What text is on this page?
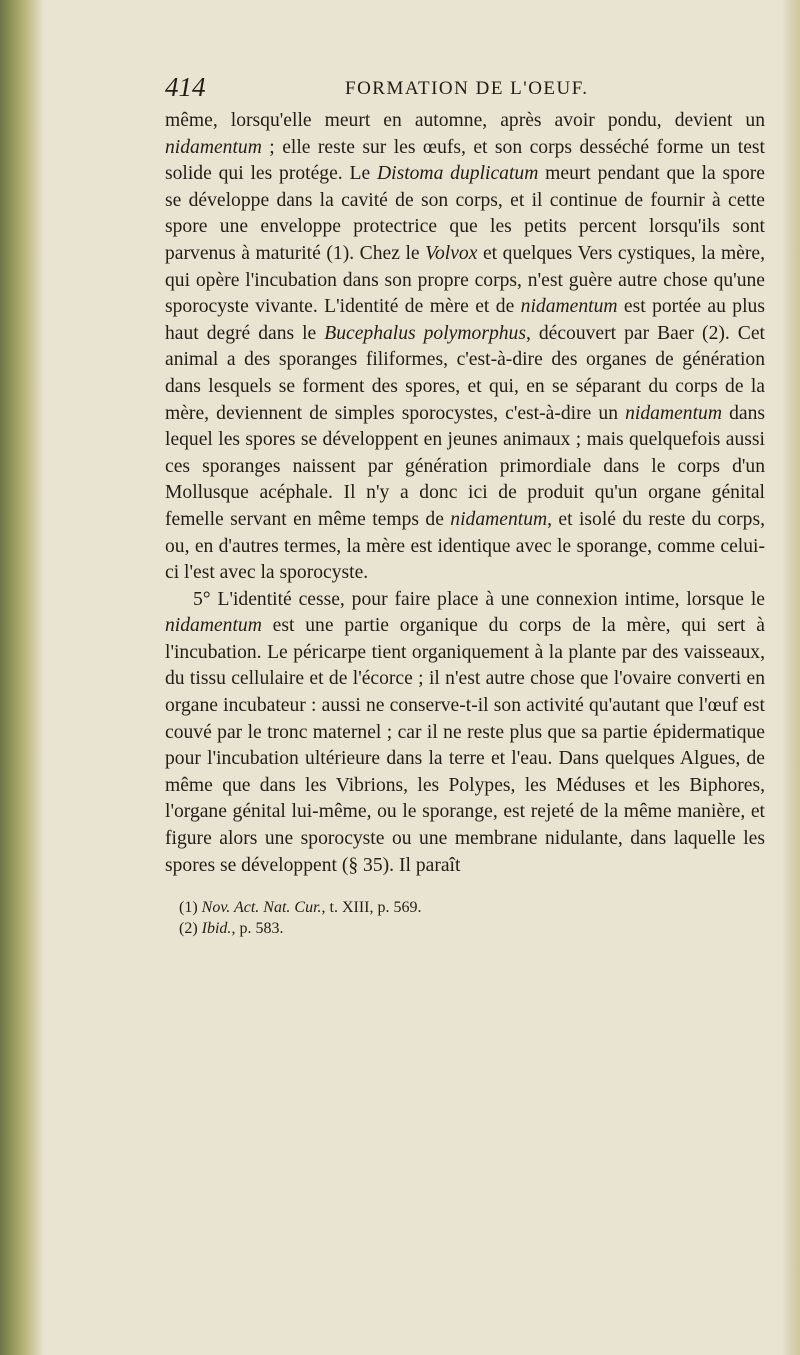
414	FORMATION DE L'OEUF.

même, lorsqu'elle meurt en automne, après avoir pondu, devient un nidamentum ; elle reste sur les œufs, et son corps desséché forme un test solide qui les protége. Le Distoma duplicatum meurt pendant que la spore se développe dans la cavité de son corps, et il continue de fournir à cette spore une enveloppe protectrice que les petits percent lorsqu'ils sont parvenus à maturité (1). Chez le Volvox et quelques Vers cystiques, la mère, qui opère l'incubation dans son propre corps, n'est guère autre chose qu'une sporocyste vivante. L'identité de mère et de nidamentum est portée au plus haut degré dans le Bucephalus polymorphus, découvert par Baer (2). Cet animal a des sporanges filiformes, c'est-à-dire des organes de génération dans lesquels se forment des spores, et qui, en se séparant du corps de la mère, deviennent de simples sporocystes, c'est-à-dire un nidamentum dans lequel les spores se développent en jeunes animaux ; mais quelquefois aussi ces sporanges naissent par génération primordiale dans le corps d'un Mollusque acéphale. Il n'y a donc ici de produit qu'un organe génital femelle servant en même temps de nidamentum, et isolé du reste du corps, ou, en d'autres termes, la mère est identique avec le sporange, comme celui-ci l'est avec la sporocyste.

5° L'identité cesse, pour faire place à une connexion intime, lorsque le nidamentum est une partie organique du corps de la mère, qui sert à l'incubation. Le péricarpe tient organiquement à la plante par des vaisseaux, du tissu cellulaire et de l'écorce ; il n'est autre chose que l'ovaire converti en organe incubateur : aussi ne conserve-t-il son activité qu'autant que l'œuf est couvé par le tronc maternel ; car il ne reste plus que sa partie épidermatique pour l'incubation ultérieure dans la terre et l'eau. Dans quelques Algues, de même que dans les Vibrions, les Polypes, les Méduses et les Biphores, l'organe génital lui-même, ou le sporange, est rejeté de la même manière, et figure alors une sporocyste ou une membrane nidulante, dans laquelle les spores se développent (§ 35). Il paraît

(1) Nov. Act. Nat. Cur., t. XIII, p. 569.
(2) Ibid., p. 583.
